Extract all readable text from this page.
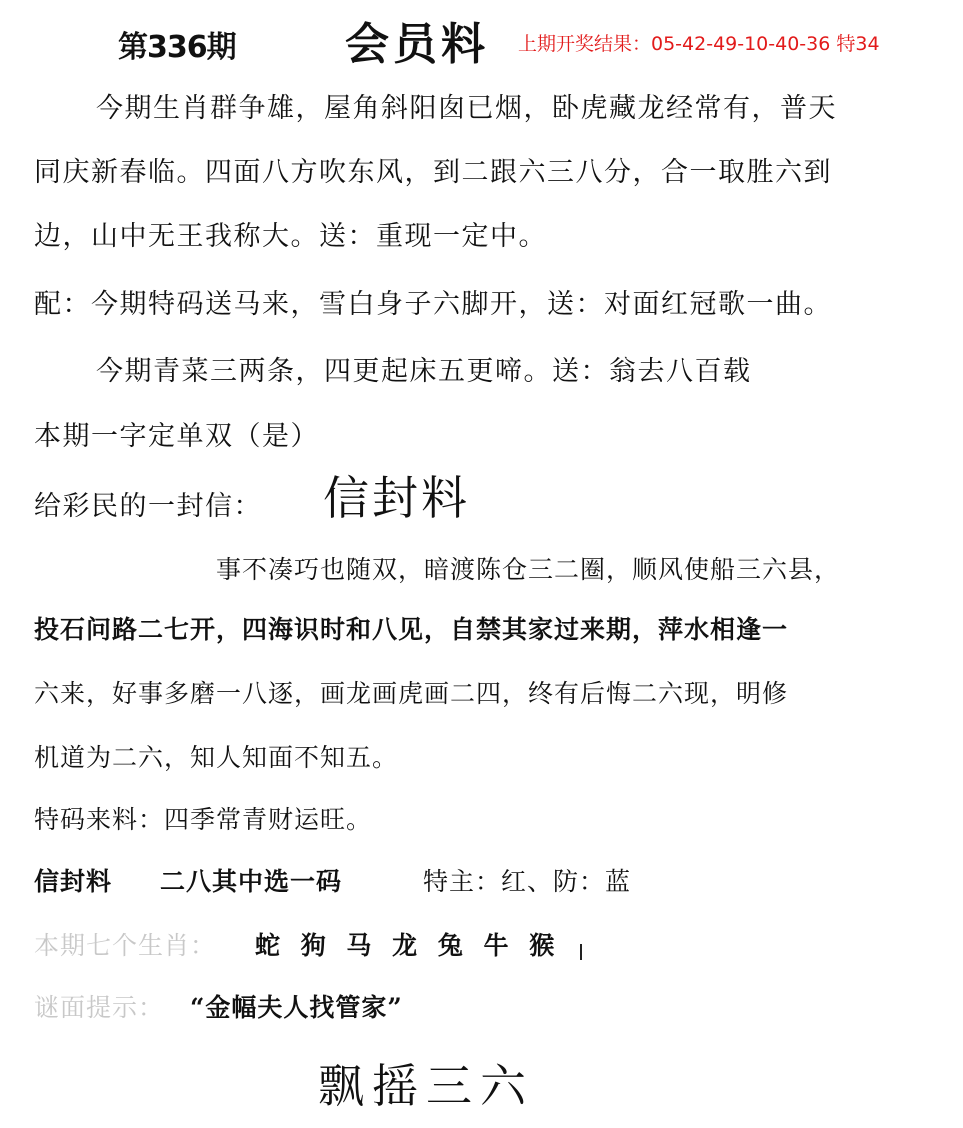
第336期 会员料 上期开奖结果：05-42-49-10-40-36 特34
今期生肖群争雄，屋角斜阳囱已烟，卧虎藏龙经常有，普天
同庆新春临。四面八方吹东风，到二跟六三八分，合一取胜六到
边，山中无王我称大。送：重现一定中。
配：今期特码送马来，雪白身子六脚开，送：对面红冠歌一曲。
今期青菜三两条，四更起床五更啼。送：翁去八百载
本期一字定单双（是）
给彩民的一封信： 信封料
事不凑巧也随双，暗渡陈仓三二圈，顺风使船三六县，
投石问路二七开，四海识时和八见，自禁其家过来期，萍水相逢一
六来，好事多磨一八逐，画龙画虎画二四，终有后悔二六现，明修
机道为二六，知人知面不知五。
特码来料：四季常青财运旺。
信封料 二八其中选一码	特主：红、防：蓝
本期七个生肖： 蛇 狗 马 龙 兔 牛 猴
谜面提示： “金幅夫人找管家”
飘摇三六
